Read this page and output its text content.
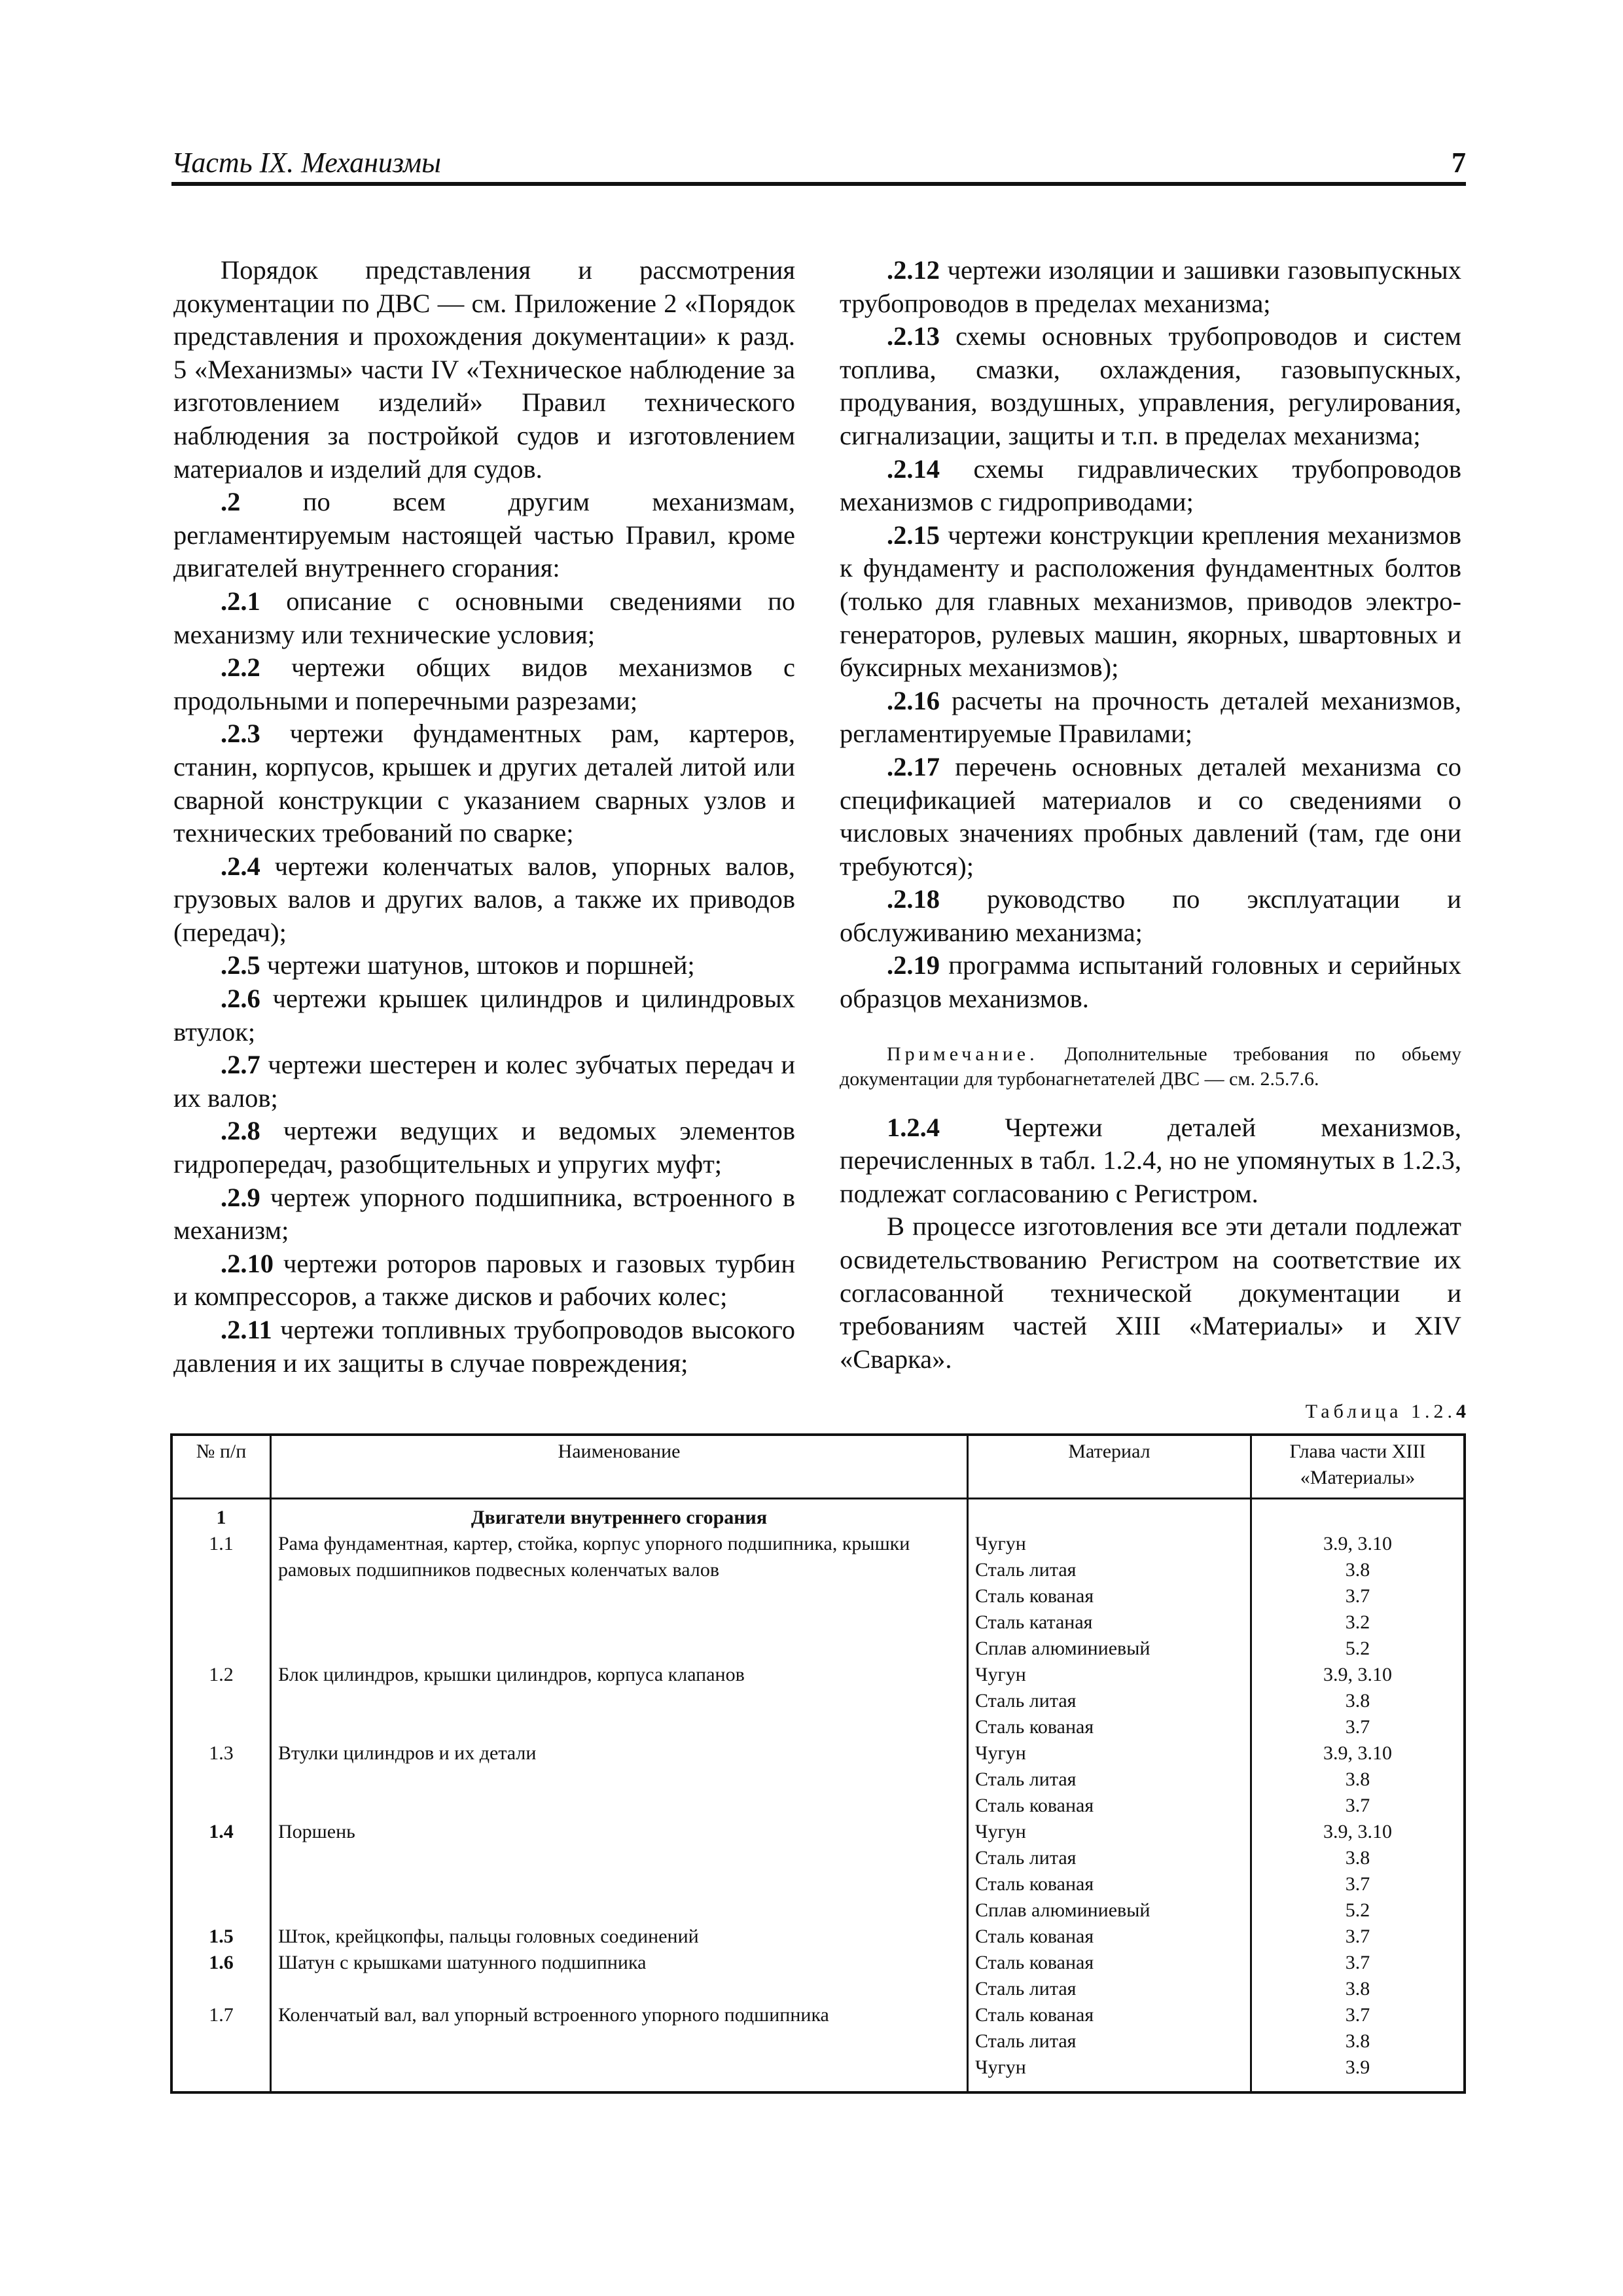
Часть IX. Механизмы	7

Порядок представления и рассмотрения документации по ДВС — см. Приложение 2 «Порядок представления и прохождения документации» к разд. 5 «Механизмы» части IV «Техническое наблюдение за изготовлением изделий» Правил технического наблюдения за постройкой судов и изготовлением материалов и изделий для судов.

.2 по всем другим механизмам, регламентируемым настоящей частью Правил, кроме двигателей внутреннего сгорания:

.2.1 описание с основными сведениями по механизму или технические условия;

.2.2 чертежи общих видов механизмов с продольными и поперечными разрезами;

.2.3 чертежи фундаментных рам, картеров, станин, корпусов, крышек и других деталей литой или сварной конструкции с указанием сварных узлов и технических требований по сварке;

.2.4 чертежи коленчатых валов, упорных валов, грузовых валов и других валов, а также их приводов (передач);

.2.5 чертежи шатунов, штоков и поршней;

.2.6 чертежи крышек цилиндров и цилиндровых втулок;

.2.7 чертежи шестерен и колес зубчатых передач и их валов;

.2.8 чертежи ведущих и ведомых элементов гидропередач, разобщительных и упругих муфт;

.2.9 чертеж упорного подшипника, встроенного в механизм;

.2.10 чертежи роторов паровых и газовых турбин и компрессоров, а также дисков и рабочих колес;

.2.11 чертежи топливных трубопроводов высокого давления и их защиты в случае повреждения;

.2.12 чертежи изоляции и зашивки газовыпускных трубопроводов в пределах механизма;

.2.13 схемы основных трубопроводов и систем топлива, смазки, охлаждения, газовыпускных, продувания, воздушных, управления, регулирования, сигнализации, защиты и т.п. в пределах механизма;

.2.14 схемы гидравлических трубопроводов механизмов с гидроприводами;

.2.15 чертежи конструкции крепления механизмов к фундаменту и расположения фундаментных болтов (только для главных механизмов, приводов электро-генераторов, рулевых машин, якорных, швартовных и буксирных механизмов);

.2.16 расчеты на прочность деталей механизмов, регламентируемые Правилами;

.2.17 перечень основных деталей механизма со спецификацией материалов и со сведениями о числовых значениях пробных давлений (там, где они требуются);

.2.18 руководство по эксплуатации и обслуживанию механизма;

.2.19 программа испытаний головных и серийных образцов механизмов.

Примечание. Дополнительные требования по обьему документации для турбонагнетателей ДВС — см. 2.5.7.6.

1.2.4 Чертежи деталей механизмов, перечисленных в табл. 1.2.4, но не упомянутых в 1.2.3, подлежат согласованию с Регистром.

В процессе изготовления все эти детали подлежат освидетельствованию Регистром на соответствие их согласованной технической документации и требованиям частей XIII «Материалы» и XIV «Сварка».

Таблица 1.2.4
№ п/п	Наименование	Материал	Глава части XIII «Материалы»
1	Двигатели внутреннего сгорания		
1.1	Рама фундаментная, картер, стойка, корпус упорного подшипника, крышки	Чугун	3.9, 3.10
	рамовых подшипников подвесных коленчатых валов	Сталь литая	3.8
		Сталь кованая	3.7
		Сталь катаная	3.2
		Сплав алюминиевый	5.2
1.2	Блок цилиндров, крышки цилиндров, корпуса клапанов	Чугун	3.9, 3.10
		Сталь литая	3.8
		Сталь кованая	3.7
1.3	Втулки цилиндров и их детали	Чугун	3.9, 3.10
		Сталь литая	3.8
		Сталь кованая	3.7
1.4	Поршень	Чугун	3.9, 3.10
		Сталь литая	3.8
		Сталь кованая	3.7
		Сплав алюминиевый	5.2
1.5	Шток, крейцкопфы, пальцы головных соединений	Сталь кованая	3.7
1.6	Шатун с крышками шатунного подшипника	Сталь кованая	3.7
		Сталь литая	3.8
1.7	Коленчатый вал, вал упорный встроенного упорного подшипника	Сталь кованая	3.7
		Сталь литая	3.8
		Чугун	3.9
